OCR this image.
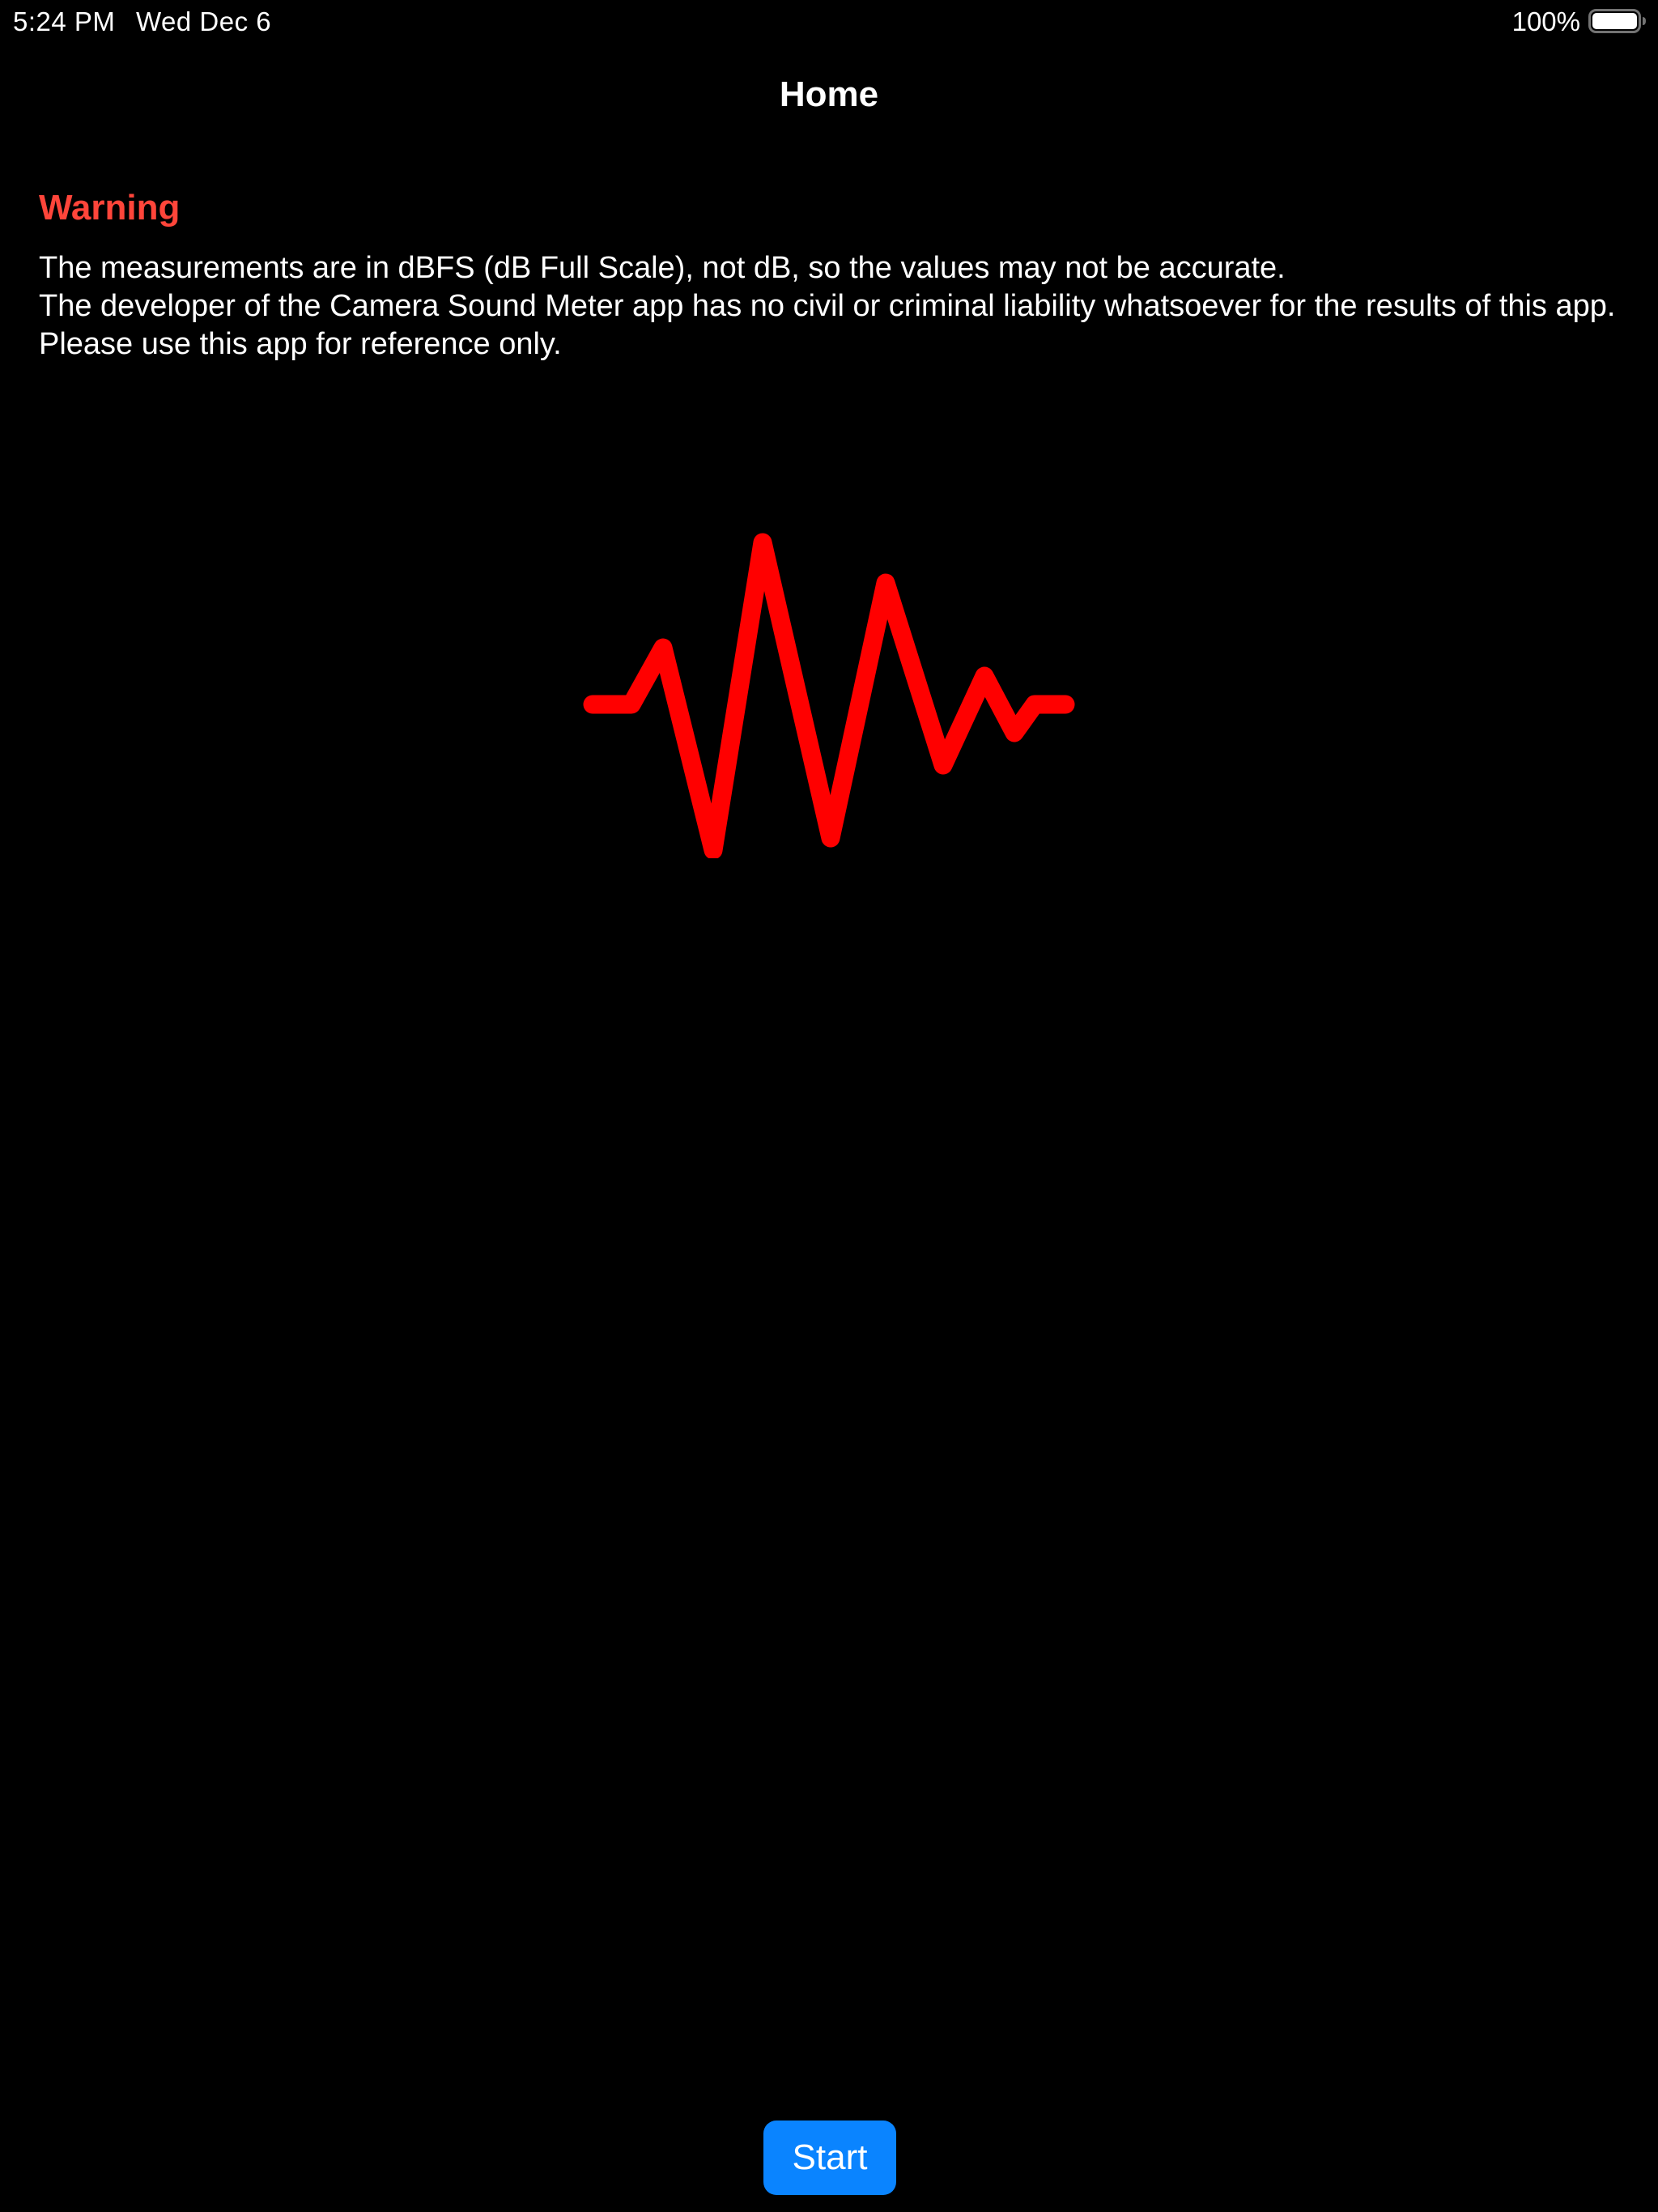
5:24 PM Wed Dec 6	100%
Home
Warning
The measurements are in dBFS (dB Full Scale), not dB, so the values may not be accurate.
The developer of the Camera Sound Meter app has no civil or criminal liability whatsoever for the results of this app.
Please use this app for reference only.
Start
